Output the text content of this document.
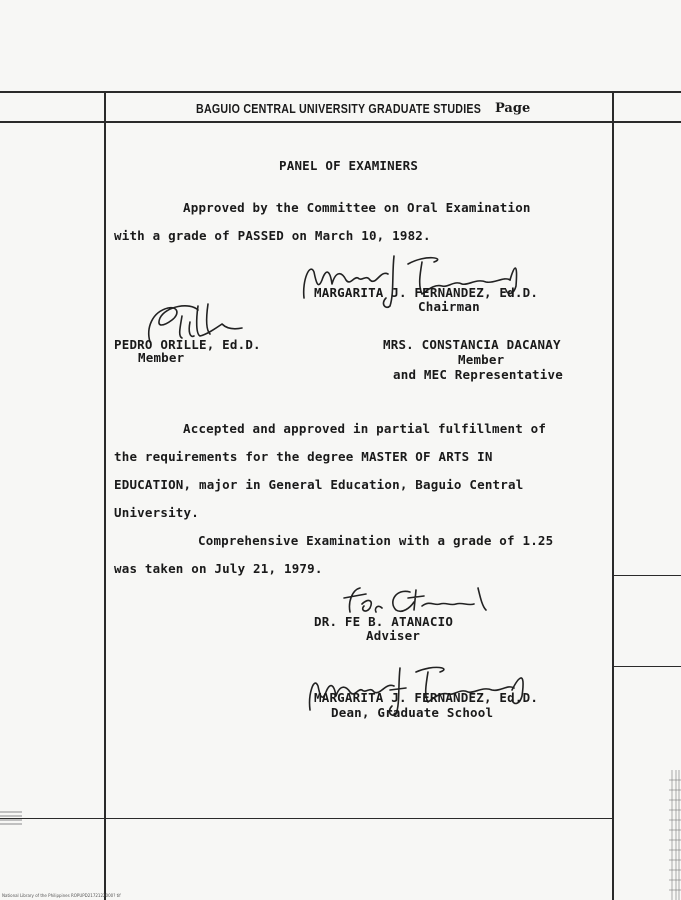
BAGUIO CENTRAL UNIVERSITY GRADUATE STUDIES Page
PANEL OF EXAMINERS
Approved by the Committee on Oral Examination
with a grade of PASSED on March 10, 1982.
MARGARITA J. FERNANDEZ, Ed.D.
Chairman
PEDRO ORILLE, Ed.D.
Member
MRS. CONSTANCIA DACANAY
Member
and MEC Representative
Accepted and approved in partial fulfillment of
the requirements for the degree MASTER OF ARTS IN
EDUCATION, major in General Education, Baguio Central
University.
Comprehensive Examination with a grade of 1.25
was taken on July 21, 1979.
DR. FE B. ATANACIO
Adviser
MARGARITA J. FERNANDEZ, Ed.D.
Dean, Graduate School
National Library of the Philippines ROPUPD2172122000? tif
